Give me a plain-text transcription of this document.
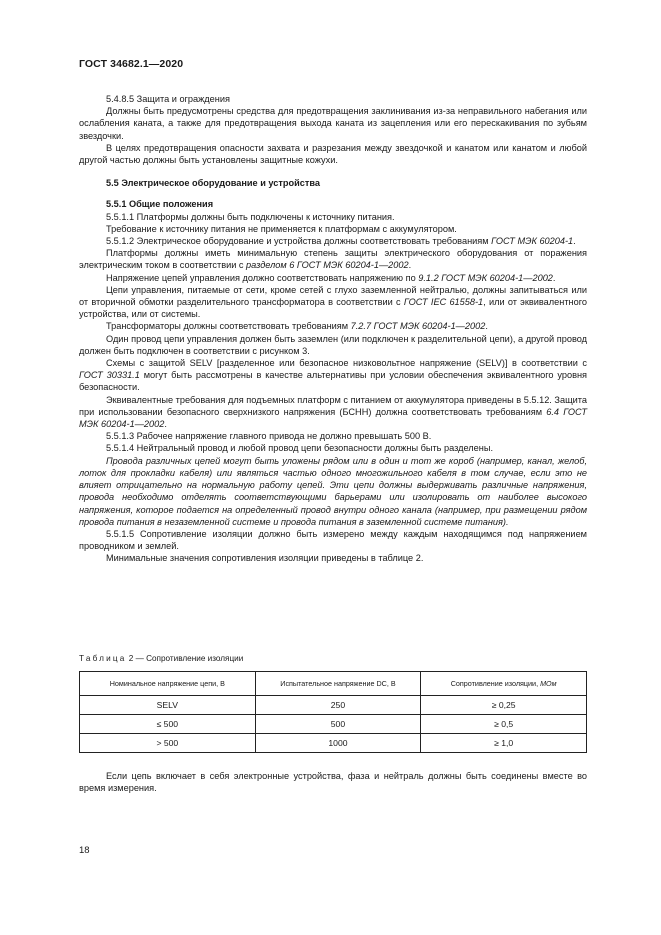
ГОСТ 34682.1—2020

5.4.8.5 Защита и ограждения

Должны быть предусмотрены средства для предотвращения заклинивания из-за неправильного набегания или ослабления каната, а также для предотвращения выхода каната из зацепления или его перескакивания по зубьям звездочки.

В целях предотвращения опасности захвата и разрезания между звездочкой и канатом или канатом и любой другой частью должны быть установлены защитные кожухи.

5.5 Электрическое оборудование и устройства
5.5.1 Общие положения

5.5.1.1 Платформы должны быть подключены к источнику питания.

Требование к источнику питания не применяется к платформам с аккумулятором.

5.5.1.2 Электрическое оборудование и устройства должны соответствовать требованиям ГОСТ МЭК 60204-1.

Платформы должны иметь минимальную степень защиты электрического оборудования от поражения электрическим током в соответствии с разделом 6 ГОСТ МЭК 60204-1—2002.

Напряжение цепей управления должно соответствовать напряжению по 9.1.2 ГОСТ МЭК 60204-1—2002.

Цепи управления, питаемые от сети, кроме сетей с глухо заземленной нейтралью, должны запитываться или от вторичной обмотки разделительного трансформатора в соответствии с ГОСТ IEC 61558-1, или от эквивалентного устройства, или от системы.

Трансформаторы должны соответствовать требованиям 7.2.7 ГОСТ МЭК 60204-1—2002.

Один провод цепи управления должен быть заземлен (или подключен к разделительной цепи), а другой провод должен быть подключен в соответствии с рисунком 3.

Схемы с защитой SELV [разделенное или безопасное низковольтное напряжение (SELV)] в соответствии с ГОСТ 30331.1 могут быть рассмотрены в качестве альтернативы при условии обеспечения эквивалентного уровня безопасности.

Эквивалентные требования для подъемных платформ с питанием от аккумулятора приведены в 5.5.12. Защита при использовании безопасного сверхнизкого напряжения (БСНН) должна соответствовать требованиям 6.4 ГОСТ МЭК 60204-1—2002.

5.5.1.3 Рабочее напряжение главного привода не должно превышать 500 В.

5.5.1.4 Нейтральный провод и любой провод цепи безопасности должны быть разделены.

Провода различных цепей могут быть уложены рядом или в один и тот же короб (например, канал, желоб, лоток для прокладки кабеля) или являться частью одного многожильного кабеля в том случае, если это не влияет отрицательно на нормальную работу цепей. Эти цепи должны выдерживать различные напряжения, провода необходимо отделять соответствующими барьерами или изолировать от наиболее высокого напряжения, которое подается на определенный провод внутри одного канала (например, при размещении рядом провода питания в незаземленной системе и провода питания в заземленной системе питания).

5.5.1.5 Сопротивление изоляции должно быть измерено между каждым находящимся под напряжением проводником и землей.

Минимальные значения сопротивления изоляции приведены в таблице 2.

Таблица 2 — Сопротивление изоляции
Номинальное напряжение цепи, В	Испытательное напряжение DC, В	Сопротивление изоляции, МОм
SELV	250	≥ 0,25
≤ 500	500	≥ 0,5
> 500	1000	≥ 1,0

Если цепь включает в себя электронные устройства, фаза и нейтраль должны быть соединены вместе во время измерения.

18
